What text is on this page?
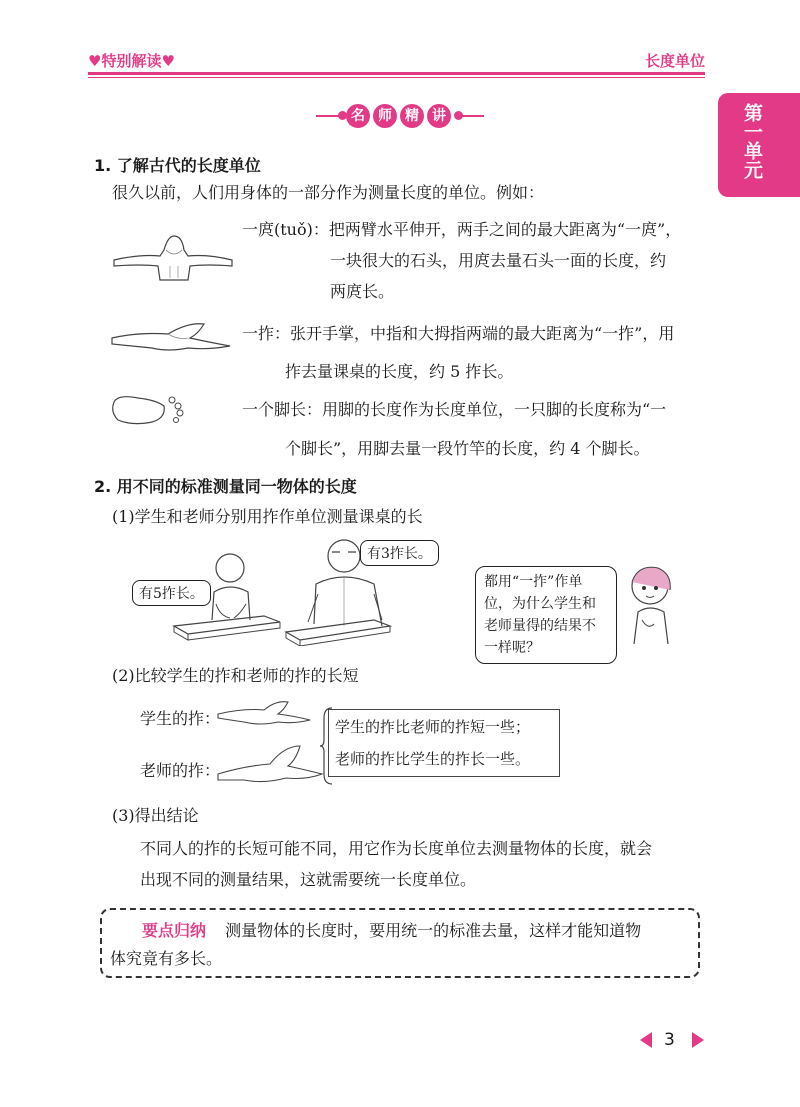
♥特别解读♥	长度单位
第一单元
名 师 精 讲
1. 了解古代的长度单位
很久以前，人们用身体的一部分作为测量长度的单位。例如：
一庹(tuǒ)：把两臂水平伸开，两手之间的最大距离为“一庹”，
一块很大的石头，用庹去量石头一面的长度，约
两庹长。
一拃：张开手掌，中指和大拇指两端的最大距离为“一拃”，用
拃去量课桌的长度，约 5 拃长。
一个脚长：用脚的长度作为长度单位，一只脚的长度称为“一
个脚长”，用脚去量一段竹竿的长度，约 4 个脚长。
2. 用不同的标准测量同一物体的长度
(1)学生和老师分别用拃作单位测量课桌的长
有5拃长。
有3拃长。
都用“一拃”作单
位，为什么学生和
老师量得的结果不
一样呢？
(2)比较学生的拃和老师的拃的长短
学生的拃：
老师的拃：
学生的拃比老师的拃短一些；
老师的拃比学生的拃长一些。
(3)得出结论
不同人的拃的长短可能不同，用它作为长度单位去测量物体的长度，就会
出现不同的测量结果，这就需要统一长度单位。
要点归纳 测量物体的长度时，要用统一的标准去量，这样才能知道物
体究竟有多长。
3
